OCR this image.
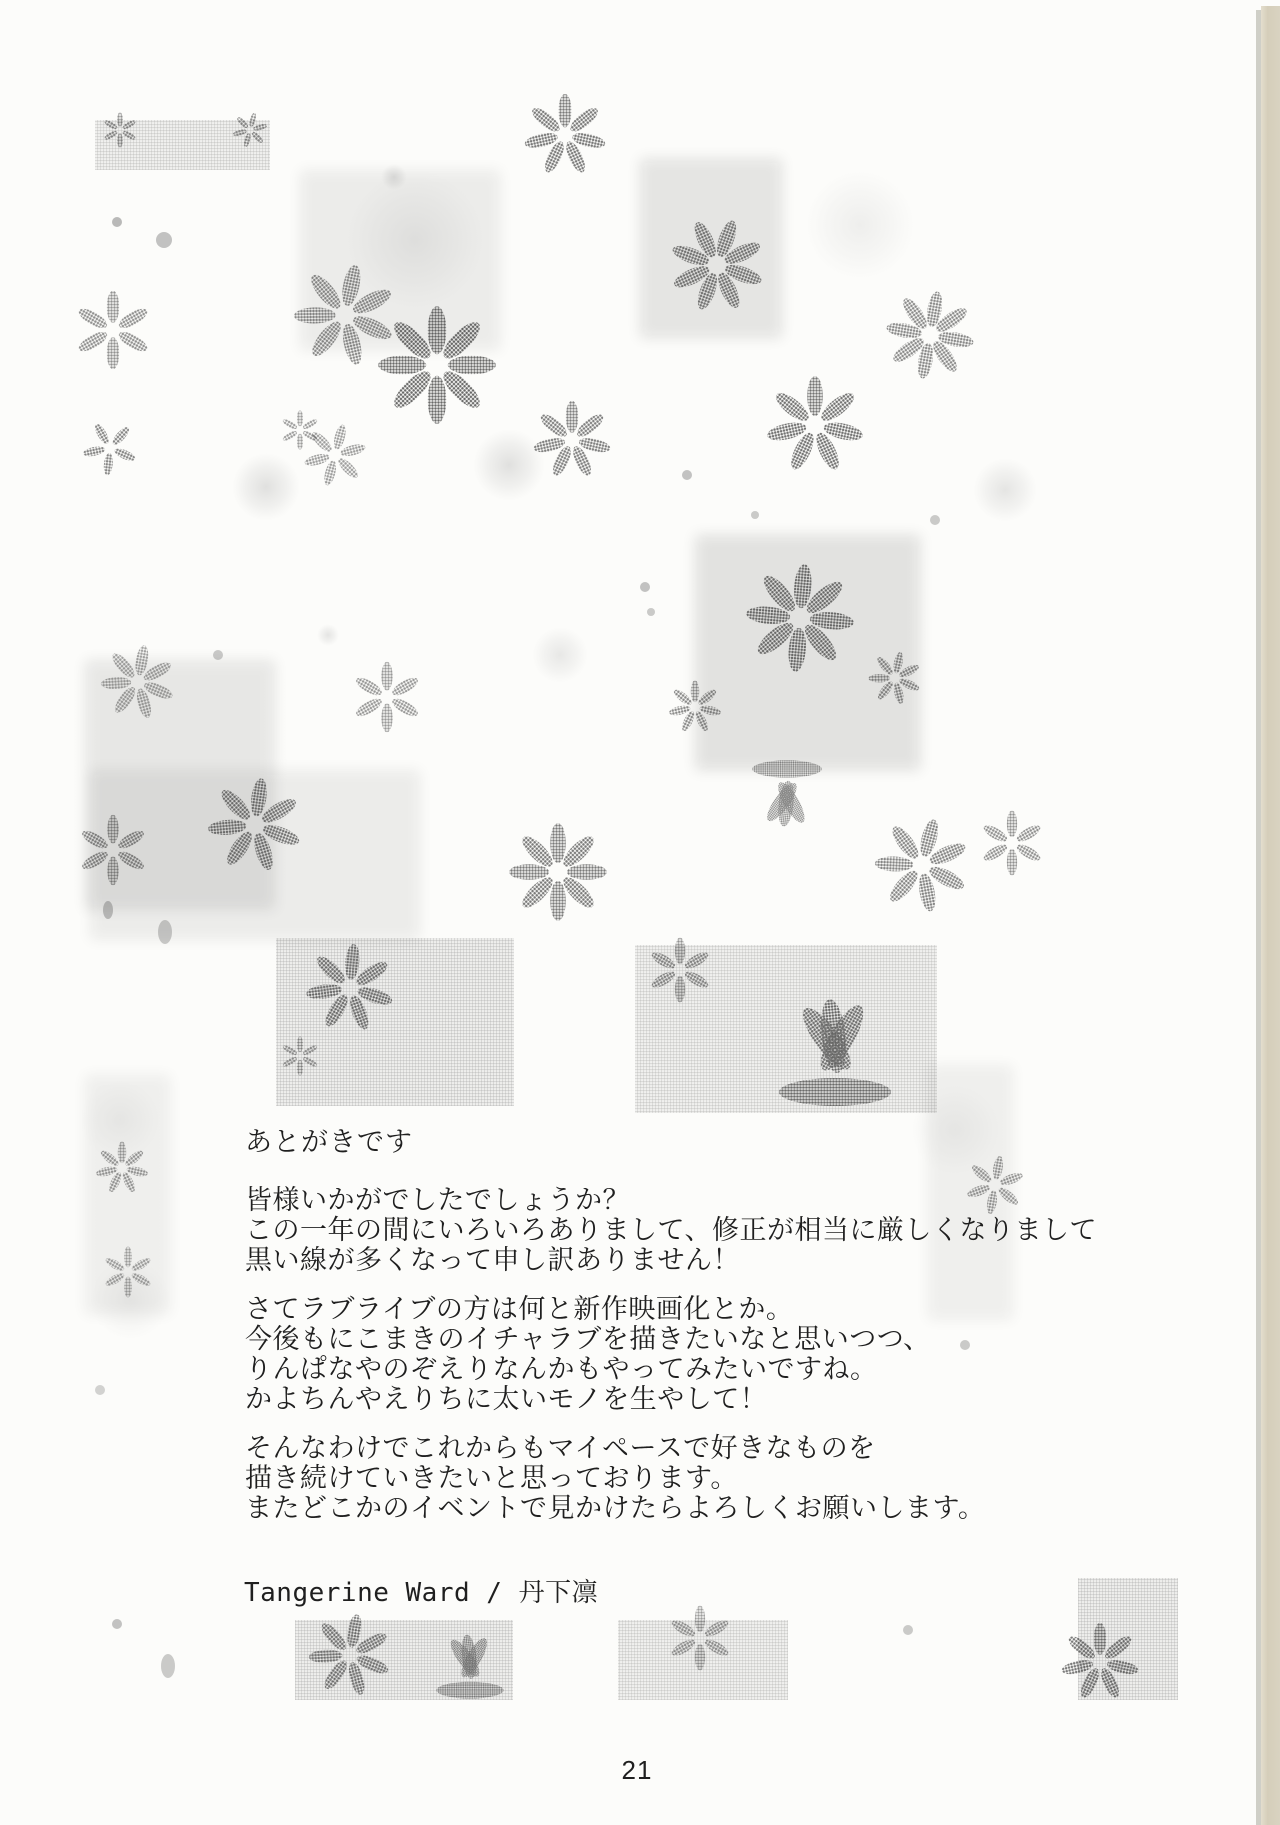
あとがきです
皆様いかがでしたでしょうか？
この一年の間にいろいろありまして、修正が相当に厳しくなりまして
黒い線が多くなって申し訳ありません！
さてラブライブの方は何と新作映画化とか。
今後もにこまきのイチャラブを描きたいなと思いつつ、
りんぱなやのぞえりなんかもやってみたいですね。
かよちんやえりちに太いモノを生やして！
そんなわけでこれからもマイペースで好きなものを
描き続けていきたいと思っております。
またどこかのイベントで見かけたらよろしくお願いします。
Tangerine Ward / 丹下凛
21
